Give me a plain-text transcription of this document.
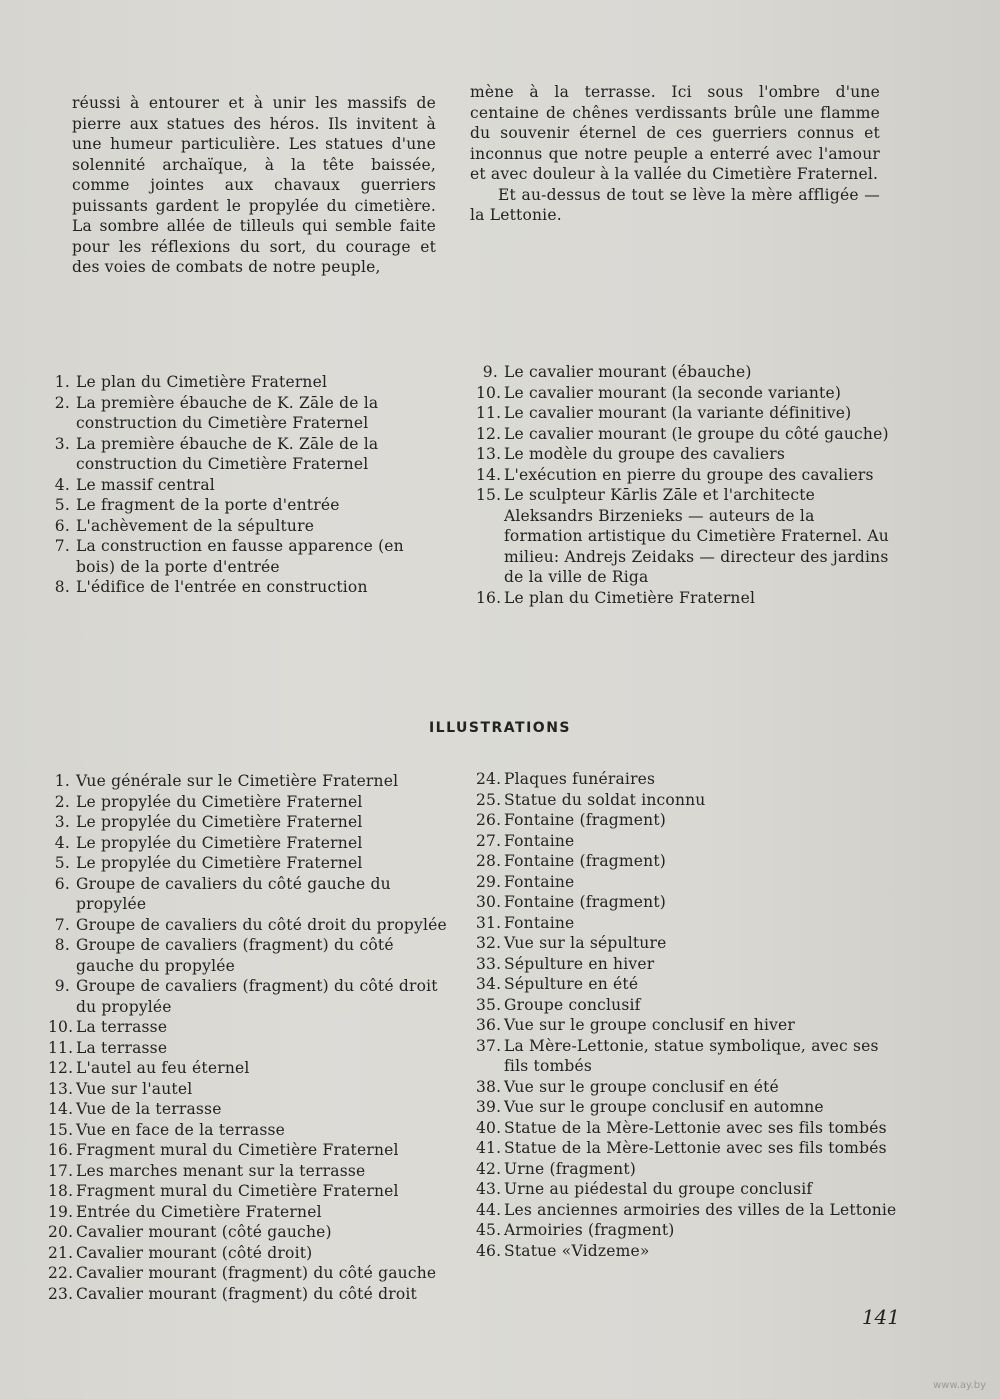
réussi à entourer et à unir les massifs de pierre aux statues des héros. Ils invitent à une humeur particulière. Les statues d'une solennité archaïque, à la tête baissée, comme jointes aux chavaux guerriers puissants gardent le propylée du cimetière. La sombre allée de tilleuls qui semble faite pour les réflexions du sort, du courage et des voies de combats de notre peuple,

mène à la terrasse. Ici sous l'ombre d'une centaine de chênes verdissants brûle une flamme du souvenir éternel de ces guerriers connus et inconnus que notre peuple a enterré avec l'amour et avec douleur à la vallée du Cimetière Fraternel.

Et au-dessus de tout se lève la mère affligée — la Lettonie.

1. Le plan du Cimetière Fraternel
2. La première ébauche de K. Zāle de la construction du Cimetière Fraternel
3. La première ébauche de K. Zāle de la construction du Cimetière Fraternel
4. Le massif central
5. Le fragment de la porte d'entrée
6. L'achèvement de la sépulture
7. La construction en fausse apparence (en bois) de la porte d'entrée
8. L'édifice de l'entrée en construction
9. Le cavalier mourant (ébauche)
10. Le cavalier mourant (la seconde variante)
11. Le cavalier mourant (la variante définitive)
12. Le cavalier mourant (le groupe du côté gauche)
13. Le modèle du groupe des cavaliers
14. L'exécution en pierre du groupe des cavaliers
15. Le sculpteur Kārlis Zāle et l'architecte Aleksandrs Birzenieks — auteurs de la formation artistique du Cimetière Fraternel. Au milieu: Andrejs Zeidaks — directeur des jardins de la ville de Riga
16. Le plan du Cimetière Fraternel
ILLUSTRATIONS
1. Vue générale sur le Cimetière Fraternel
2. Le propylée du Cimetière Fraternel
3. Le propylée du Cimetière Fraternel
4. Le propylée du Cimetière Fraternel
5. Le propylée du Cimetière Fraternel
6. Groupe de cavaliers du côté gauche du propylée
7. Groupe de cavaliers du côté droit du propylée
8. Groupe de cavaliers (fragment) du côté gauche du propylée
9. Groupe de cavaliers (fragment) du côté droit du propylée
10. La terrasse
11. La terrasse
12. L'autel au feu éternel
13. Vue sur l'autel
14. Vue de la terrasse
15. Vue en face de la terrasse
16. Fragment mural du Cimetière Fraternel
17. Les marches menant sur la terrasse
18. Fragment mural du Cimetière Fraternel
19. Entrée du Cimetière Fraternel
20. Cavalier mourant (côté gauche)
21. Cavalier mourant (côté droit)
22. Cavalier mourant (fragment) du côté gauche
23. Cavalier mourant (fragment) du côté droit
24. Plaques funéraires
25. Statue du soldat inconnu
26. Fontaine (fragment)
27. Fontaine
28. Fontaine (fragment)
29. Fontaine
30. Fontaine (fragment)
31. Fontaine
32. Vue sur la sépulture
33. Sépulture en hiver
34. Sépulture en été
35. Groupe conclusif
36. Vue sur le groupe conclusif en hiver
37. La Mère-Lettonie, statue symbolique, avec ses fils tombés
38. Vue sur le groupe conclusif en été
39. Vue sur le groupe conclusif en automne
40. Statue de la Mère-Lettonie avec ses fils tombés
41. Statue de la Mère-Lettonie avec ses fils tombés
42. Urne (fragment)
43. Urne au piédestal du groupe conclusif
44. Les anciennes armoiries des villes de la Lettonie
45. Armoiries (fragment)
46. Statue «Vidzeme»
141
www.ay.by
